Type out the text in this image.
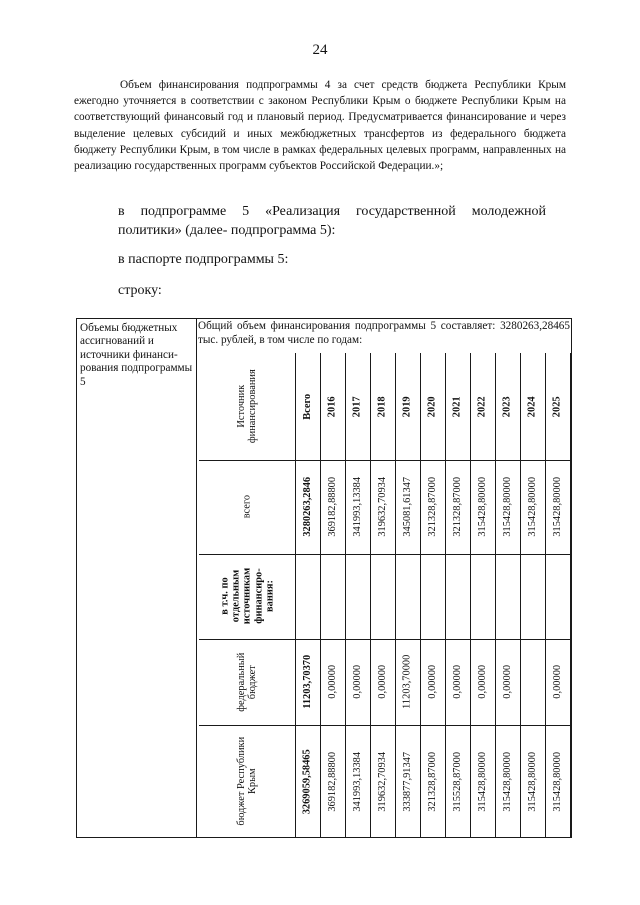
24
Объем финансирования подпрограммы 4 за счет средств бюджета Республики Крым ежегодно уточняется в соответствии с законом Республики Крым о бюджете Республики Крым на соответствующий финансовый год и плановый период. Предусматривается финансирование и через выделение целевых субсидий и иных межбюджетных трансфертов из федерального бюджета бюджету Республики Крым, в том числе в рамках федеральных целевых программ, направленных на реализацию государственных программ субъектов Российской Федерации.»;
в подпрограмме 5 «Реализация государственной молодежной политики» (далее- подпрограмма 5):
в паспорте подпрограммы 5:
строку:
Объемы бюджетных ассигнований и источники финанси-рования подпрограммы 5
Общий объем финансирования подпрограммы 5 составляет: 3280263,28465 тыс. рублей, в том числе по годам:
Источник финансирования
всего
в т.ч. по отдельным источникам финансиро-вания:
федеральный бюджет
бюджет Республики Крым
Всего
3280263,2846
11203,70370
3269059,58465
2016
369182,88800
0,00000
369182,88800
2017
341993,13384
0,00000
341993,13384
2018
319632,70934
0,00000
319632,70934
2019
345081,61347
11203,70000
333877,91347
2020
321328,87000
0,00000
321328,87000
2021
321328,87000
0,00000
315528,87000
2022
315428,80000
0,00000
315428,80000
2023
315428,80000
0,00000
315428,80000
2024
315428,80000
315428,80000
2025
315428,80000
0,00000
315428,80000
